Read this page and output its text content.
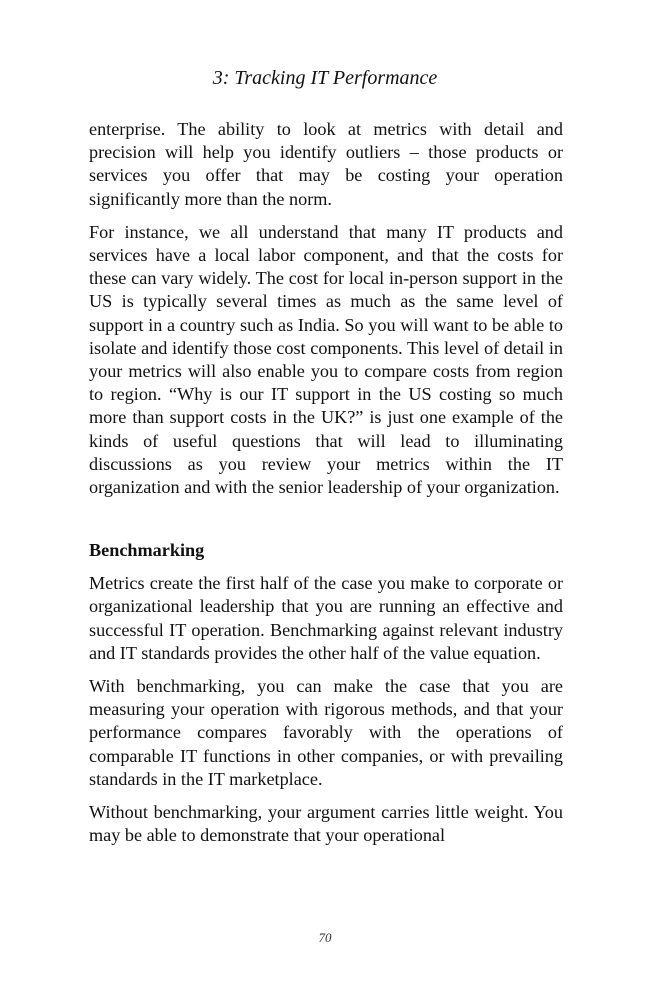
3: Tracking IT Performance

enterprise. The ability to look at metrics with detail and precision will help you identify outliers – those products or services you offer that may be costing your operation significantly more than the norm.

For instance, we all understand that many IT products and services have a local labor component, and that the costs for these can vary widely. The cost for local in-person support in the US is typically several times as much as the same level of support in a country such as India. So you will want to be able to isolate and identify those cost components. This level of detail in your metrics will also enable you to compare costs from region to region. “Why is our IT support in the US costing so much more than support costs in the UK?” is just one example of the kinds of useful questions that will lead to illuminating discussions as you review your metrics within the IT organization and with the senior leadership of your organization.

Benchmarking

Metrics create the first half of the case you make to corporate or organizational leadership that you are running an effective and successful IT operation. Benchmarking against relevant industry and IT standards provides the other half of the value equation.

With benchmarking, you can make the case that you are measuring your operation with rigorous methods, and that your performance compares favorably with the operations of comparable IT functions in other companies, or with prevailing standards in the IT marketplace.

Without benchmarking, your argument carries little weight. You may be able to demonstrate that your operational

70
